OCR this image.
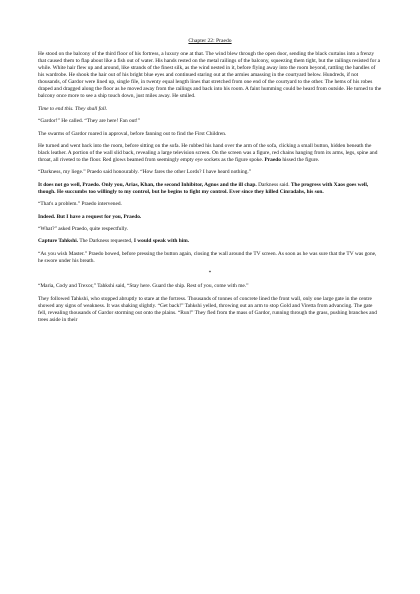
Chapter 22: Praedo

He stood on the balcony of the third floor of his fortress, a luxury one at that. The wind blew through the open door, sending the black curtains into a frenzy that caused them to flap about like a fish out of water. His hands rested on the metal railings of the balcony, squeezing them tight, but the railings resisted for a while. White hair flew up and around, like strands of the finest silk, as the wind nested in it, before flying away into the room beyond, rattling the handles of his wardrobe. He shook the hair out of his bright blue eyes and continued staring out at the armies amassing in the courtyard below. Hundreds, if not thousands, of Gardor were lined up, single file, in twenty equal length lines that stretched from one end of the courtyard to the other. The hems of his robes draped and dragged along the floor as he moved away from the railings and back into his room. A faint humming could be heard from outside. He turned to the balcony once more to see a ship touch down, just miles away. He smiled.

Time to end this. They shall fall.

“Gardor!” He called. “They are here! Fan out!”

The swarms of Gardor roared in approval, before fanning out to find the First Children.

He turned and went back into the room, before sitting on the sofa. He rubbed his hand over the arm of the sofa, clicking a small button, hidden beneath the black leather. A portion of the wall slid back, revealing a large television screen. On the screen was a figure, red chains hanging from its arms, legs, spine and throat, all riveted to the floor. Red glows beamed from seemingly empty eye sockets as the figure spoke. Praedo hissed the figure.

“Darkness, my liege.” Praedo said honourably. “How fares the other Lords? I have heard nothing.”

It does not go well, Praedo. Only you, Arias, Khan, the second Inhibitor, Agnos and the ill chap. Darkness said. The progress with Xaos goes well, though. He succumbs too willingly to my control, but he begins to fight my control. Ever since they killed Cinradahs, his son.

“That's a problem.” Praedo intervened.

Indeed. But I have a request for you, Praedo.

“What?” asked Praedo, quite respectfully.

Capture Tahkshi. The Darkness requested, I would speak with him.

“As you wish Master.” Praedo bowed, before pressing the button again, closing the wall around the TV screen. As soon as he was sure that the TV was gone, he swore under his breath.

*

“Maria, Cody and Trexor,” Tahkshi said, “Stay here. Guard the ship. Rest of you, come with me.”

They followed Tahkshi, who stopped abruptly to stare at the fortress. Thousands of tonnes of concrete lined the front wall, only one large gate in the centre showed any signs of weakness. It was shaking slightly. “Get back!” Tahkshi yelled, throwing out an arm to stop Gold and Viretta from advancing. The gate fell, revealing thousands of Gardor storming out onto the plains. “Run!” They fled from the mass of Gardor, running through the grass, pushing branches and trees aside in their
